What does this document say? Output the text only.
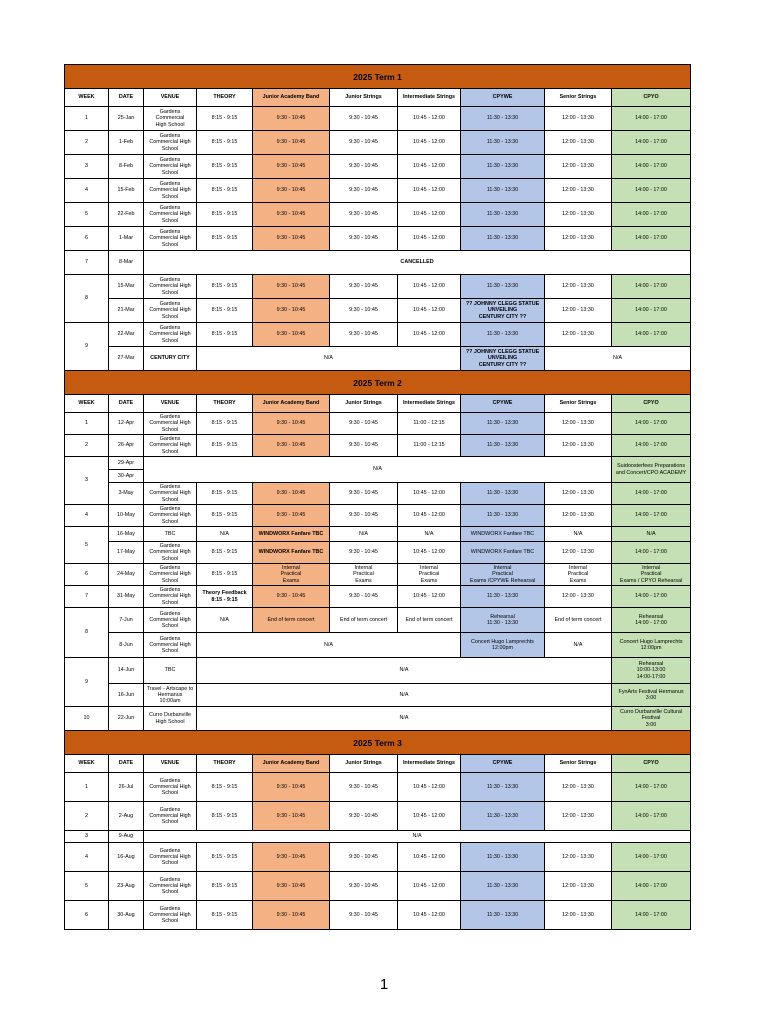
2025 Term 1									
WEEK	DATE	VENUE	THEORY	Junior Academy Band	Junior Strings	Intermediate Strings	CPYWE	Senior Strings	CPYO
1	25-Jan	Gardens
Commercial
High School	8:15 - 9:15	9:30 - 10:45	9:30 - 10:45	10:45 - 12:00	11:30 - 13:30	12:00 - 13:30	14:00 - 17:00
2	1-Feb	Gardens
Commercial High
School	8:15 - 9:15	9:30 - 10:45	9:30 - 10:45	10:45 - 12:00	11:30 - 13:30	12:00 - 13:30	14:00 - 17:00
3	8-Feb	Gardens
Commercial High
School	8:15 - 9:15	9:30 - 10:45	9:30 - 10:45	10:45 - 12:00	11:30 - 13:30	12:00 - 13:30	14:00 - 17:00
4	15-Feb	Gardens
Commercial High
School	8:15 - 9:15	9:30 - 10:45	9:30 - 10:45	10:45 - 12:00	11:30 - 13:30	12:00 - 13:30	14:00 - 17:00
5	22-Feb	Gardens
Commercial High
School	8:15 - 9:15	9:30 - 10:45	9:30 - 10:45	10:45 - 12:00	11:30 - 13:30	12:00 - 13:30	14:00 - 17:00
6	1-Mar	Gardens
Commercial High
School	8:15 - 9:15	9:30 - 10:45	9:30 - 10:45	10:45 - 12:00	11:30 - 13:30	12:00 - 13:30	14:00 - 17:00
7	8-Mar	CANCELLED							
8	15-Mar	Gardens
Commercial High
School	8:15 - 9:15	9:30 - 10:45	9:30 - 10:45	10:45 - 12:00	11:30 - 13:30	12:00 - 13:30	14:00 - 17:00
	21-Mar	Gardens
Commercial High
School	8:15 - 9:15	9:30 - 10:45	9:30 - 10:45	10:45 - 12:00	?? JOHNNY CLEGG STATUE
UNVEILING
CENTURY CITY ??	12:00 - 13:30	14:00 - 17:00
9	22-Mar	Gardens
Commercial High
School	8:15 - 9:15	9:30 - 10:45	9:30 - 10:45	10:45 - 12:00	11:30 - 13:30	12:00 - 13:30	14:00 - 17:00
	27-Mar	CENTURY CITY	N/A				?? JOHNNY CLEGG STATUE
UNVEILING
CENTURY CITY ??	N/A	
2025 Term 2									
WEEK	DATE	VENUE	THEORY	Junior Academy Band	Junior Strings	Intermediate Strings	CPYWE	Senior Strings	CPYO
1	12-Apr	Gardens
Commercial High
School	8:15 - 9:15	9:30 - 10:45	9:30 - 10:45	11:00 - 12:15	11:30 - 13:30	12:00 - 13:30	14:00 - 17:00
2	26-Apr	Gardens
Commercial High
School	8:15 - 9:15	9:30 - 10:45	9:30 - 10:45	11:00 - 12:15	11:30 - 13:30	12:00 - 13:30	14:00 - 17:00
3	29-Apr	N/A							Suidoosterfees Preparations
and Concert/CPO ACADEMY
	30-Apr								
	3-May	Gardens
Commercial High
School	8:15 - 9:15	9:30 - 10:45	9:30 - 10:45	10:45 - 12:00	11:30 - 13:30	12:00 - 13:30	14:00 - 17:00
4	10-May	Gardens
Commercial High
School	8:15 - 9:15	9:30 - 10:45	9:30 - 10:45	10:45 - 12:00	11:30 - 13:30	12:00 - 13:30	14:00 - 17:00
5	16-May	TBC	N/A	WINDWORX Fanfare TBC	N/A	N/A	WINDWORX Fanfare TBC	N/A	N/A
	17-May	Gardens
Commercial High
School	8:15 - 9:15	WINDWORX Fanfare TBC	9:30 - 10:45	10:45 - 12:00	WINDWORX Fanfare TBC	12:00 - 13:30	14:00 - 17:00
6	24-May	Gardens
Commercial High
School	8:15 - 9:15	Internal
Practical
Exams	Internal
Practical
Exams	Internal
Practical
Exams	Internal
Practical
Exams /CPYWE Rehearsal	Internal
Practical
Exams	Internal
Practical
Exams / CPYO Rehearsal
7	31-May	Gardens
Commercial High
School	Theory Feedback
8:15 - 9:15	9:30 - 10:45	9:30 - 10:45	10:45 - 12:00	11:30 - 13:30	12:00 - 13:30	14:00 - 17:00
8	7-Jun	Gardens
Commercial High
School	N/A	End of term concert	End of term concert	End of term concert	Rehearsal
11:30 - 13:30	End of term concert	Rehearsal
14:00 - 17:00
	8-Jun	Gardens
Commercial High
School	N/A				Concert Hugo Lamprechts
12:00pm	N/A	Concert Hugo Lamprechts
12:00pm
9	14-Jun	TBC	N/A						Rehearsal
10:00-13:00
14:00-17:00
	16-Jun	Travel - Artscape to
Hermanus
10:00am	N/A						FynArts Festival Hermanus
3:00
10	22-Jun	Curro Durbanville
High School	N/A						Curro Durbanville Cultural
Festival
3:00
2025 Term 3									
WEEK	DATE	VENUE	THEORY	Junior Academy Band	Junior Strings	Intermediate Strings	CPYWE	Senior Strings	CPYO
1	26-Jul	Gardens
Commercial High
School	8:15 - 9:15	9:30 - 10:45	9:30 - 10:45	10:45 - 12:00	11:30 - 13:30	12:00 - 13:30	14:00 - 17:00
2	2-Aug	Gardens
Commercial High
School	8:15 - 9:15	9:30 - 10:45	9:30 - 10:45	10:45 - 12:00	11:30 - 13:30	12:00 - 13:30	14:00 - 17:00
3	9-Aug	N/A							
4	16-Aug	Gardens
Commercial High
School	8:15 - 9:15	9:30 - 10:45	9:30 - 10:45	10:45 - 12:00	11:30 - 13:30	12:00 - 13:30	14:00 - 17:00
5	23-Aug	Gardens
Commercial High
School	8:15 - 9:15	9:30 - 10:45	9:30 - 10:45	10:45 - 12:00	11:30 - 13:30	12:00 - 13:30	14:00 - 17:00
6	30-Aug	Gardens
Commercial High
School	8:15 - 9:15	9:30 - 10:45	9:30 - 10:45	10:45 - 12:00	11:30 - 13:30	12:00 - 13:30	14:00 - 17:00
1
